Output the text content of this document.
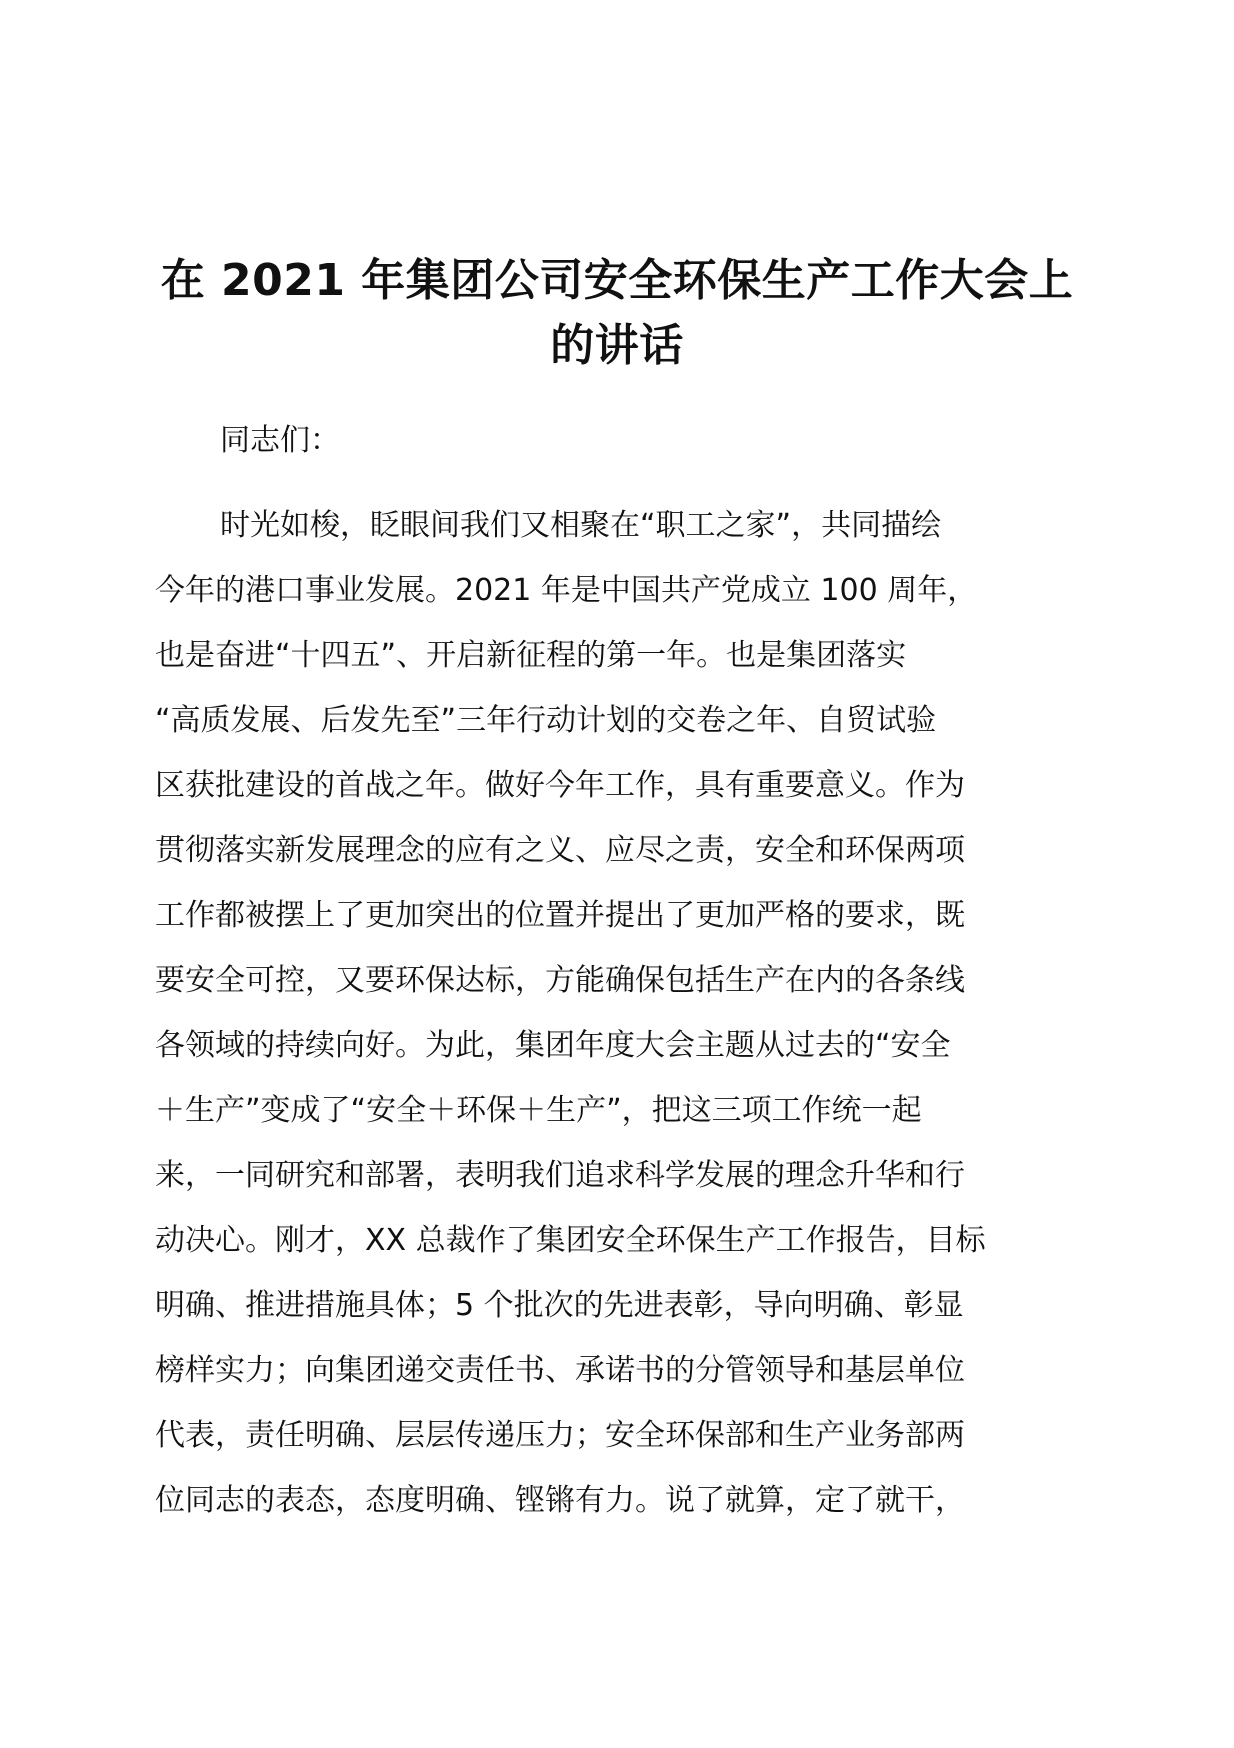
在 2021 年集团公司安全环保生产工作大会上
的讲话
同志们：
时光如梭，眨眼间我们又相聚在“职工之家”，共同描绘
今年的港口事业发展。2021 年是中国共产党成立 100 周年，
也是奋进“十四五”、开启新征程的第一年。也是集团落实
“高质发展、后发先至”三年行动计划的交卷之年、自贸试验
区获批建设的首战之年。做好今年工作，具有重要意义。作为
贯彻落实新发展理念的应有之义、应尽之责，安全和环保两项
工作都被摆上了更加突出的位置并提出了更加严格的要求，既
要安全可控，又要环保达标，方能确保包括生产在内的各条线
各领域的持续向好。为此，集团年度大会主题从过去的“安全
＋生产”变成了“安全＋环保＋生产”，把这三项工作统一起
来，一同研究和部署，表明我们追求科学发展的理念升华和行
动决心。刚才，XX 总裁作了集团安全环保生产工作报告，目标
明确、推进措施具体；5 个批次的先进表彰，导向明确、彰显
榜样实力；向集团递交责任书、承诺书的分管领导和基层单位
代表，责任明确、层层传递压力；安全环保部和生产业务部两
位同志的表态，态度明确、铿锵有力。说了就算，定了就干，
